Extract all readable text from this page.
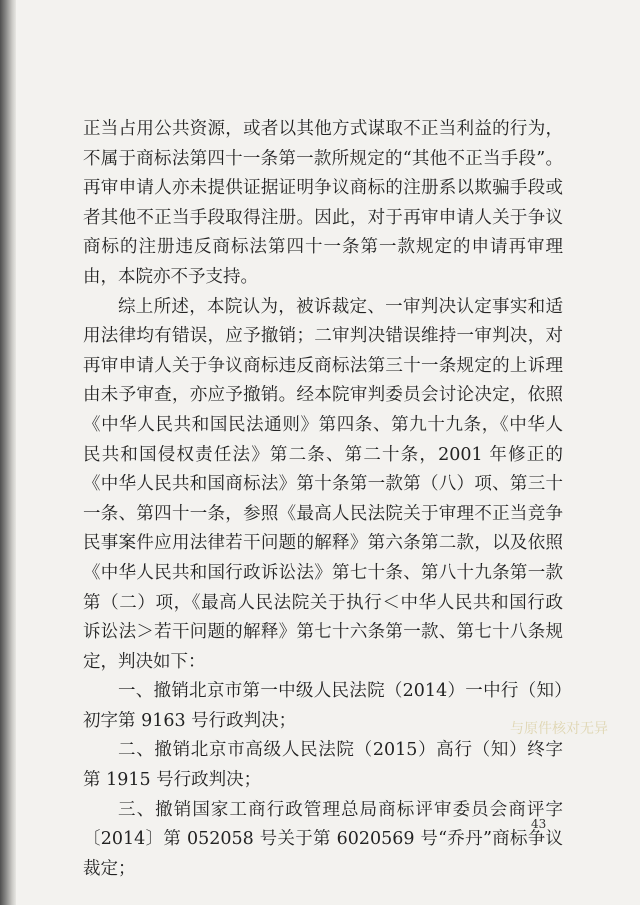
正当占用公共资源，或者以其他方式谋取不正当利益的行为，不属于商标法第四十一条第一款所规定的“其他不正当手段”。再审申请人亦未提供证据证明争议商标的注册系以欺骗手段或者其他不正当手段取得注册。因此，对于再审申请人关于争议商标的注册违反商标法第四十一条第一款规定的申请再审理由，本院亦不予支持。

综上所述，本院认为，被诉裁定、一审判决认定事实和适用法律均有错误，应予撤销；二审判决错误维持一审判决，对再审申请人关于争议商标违反商标法第三十一条规定的上诉理由未予审查，亦应予撤销。经本院审判委员会讨论决定，依照《中华人民共和国民法通则》第四条、第九十九条，《中华人民共和国侵权责任法》第二条、第二十条，2001 年修正的《中华人民共和国商标法》第十条第一款第（八）项、第三十一条、第四十一条，参照《最高人民法院关于审理不正当竞争民事案件应用法律若干问题的解释》第六条第二款，以及依照《中华人民共和国行政诉讼法》第七十条、第八十九条第一款第（二）项，《最高人民法院关于执行＜中华人民共和国行政诉讼法＞若干问题的解释》第七十六条第一款、第七十八条规定，判决如下：

一、撤销北京市第一中级人民法院（2014）一中行（知）初字第 9163 号行政判决；

二、撤销北京市高级人民法院（2015）高行（知）终字第 1915 号行政判决；

三、撤销国家工商行政管理总局商标评审委员会商评字〔2014〕第 052058 号关于第 6020569 号“乔丹”商标争议裁定；

与原件核对无异
43
